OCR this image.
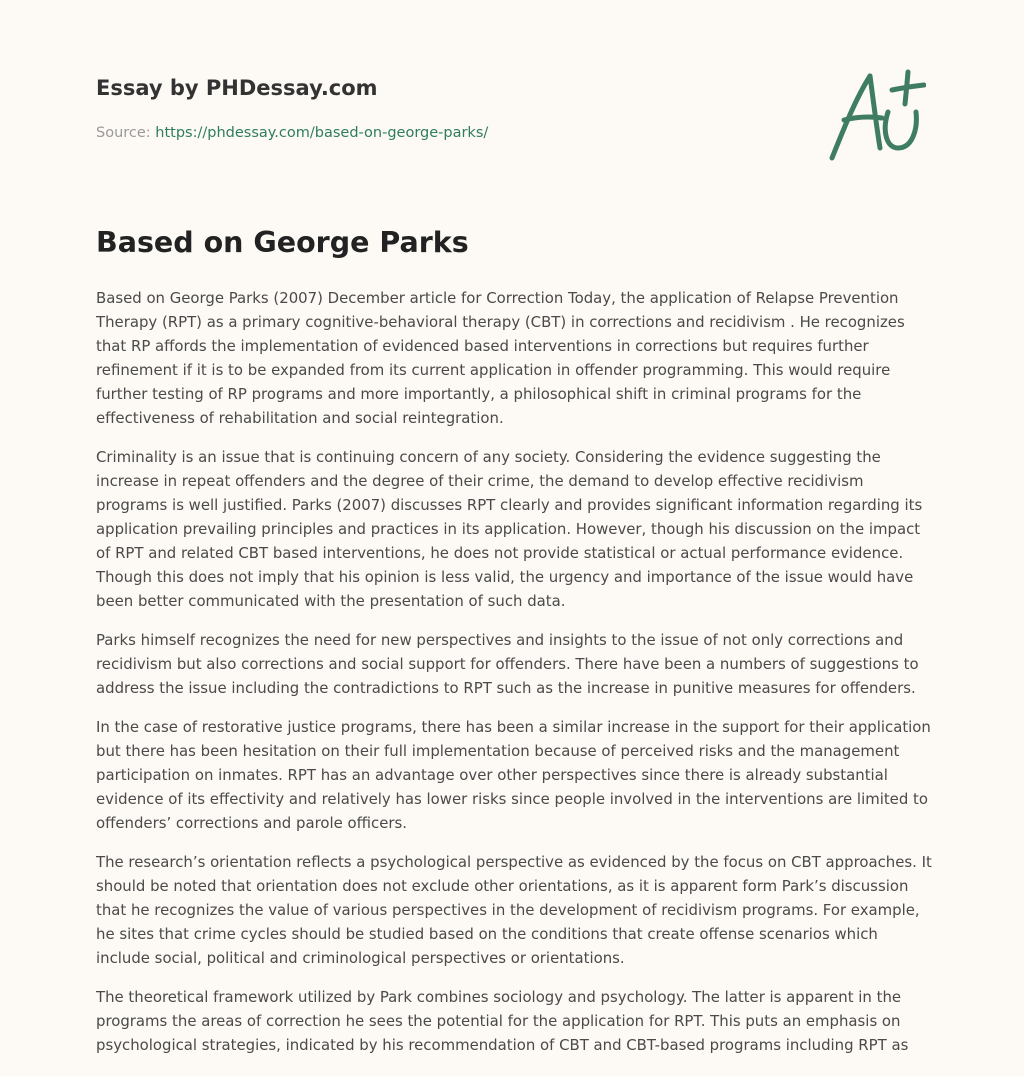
Essay by PHDessay.com
Source: https://phdessay.com/based-on-george-parks/
Based on George Parks

Based on George Parks (2007) December article for Correction Today, the application of Relapse Prevention Therapy (RPT) as a primary cognitive-behavioral therapy (CBT) in corrections and recidivism . He recognizes that RP affords the implementation of evidenced based interventions in corrections but requires further refinement if it is to be expanded from its current application in offender programming. This would require further testing of RP programs and more importantly, a philosophical shift in criminal programs for the effectiveness of rehabilitation and social reintegration.

Criminality is an issue that is continuing concern of any society. Considering the evidence suggesting the increase in repeat offenders and the degree of their crime, the demand to develop effective recidivism programs is well justified. Parks (2007) discusses RPT clearly and provides significant information regarding its application prevailing principles and practices in its application. However, though his discussion on the impact of RPT and related CBT based interventions, he does not provide statistical or actual performance evidence. Though this does not imply that his opinion is less valid, the urgency and importance of the issue would have been better communicated with the presentation of such data.

Parks himself recognizes the need for new perspectives and insights to the issue of not only corrections and recidivism but also corrections and social support for offenders. There have been a numbers of suggestions to address the issue including the contradictions to RPT such as the increase in punitive measures for offenders.

In the case of restorative justice programs, there has been a similar increase in the support for their application but there has been hesitation on their full implementation because of perceived risks and the management participation on inmates. RPT has an advantage over other perspectives since there is already substantial evidence of its effectivity and relatively has lower risks since people involved in the interventions are limited to offenders’ corrections and parole officers.

The research’s orientation reflects a psychological perspective as evidenced by the focus on CBT approaches. It should be noted that orientation does not exclude other orientations, as it is apparent form Park’s discussion that he recognizes the value of various perspectives in the development of recidivism programs. For example, he sites that crime cycles should be studied based on the conditions that create offense scenarios which include social, political and criminological perspectives or orientations.

The theoretical framework utilized by Park combines sociology and psychology. The latter is apparent in the programs the areas of correction he sees the potential for the application for RPT. This puts an emphasis on psychological strategies, indicated by his recommendation of CBT and CBT-based programs including RPT as
